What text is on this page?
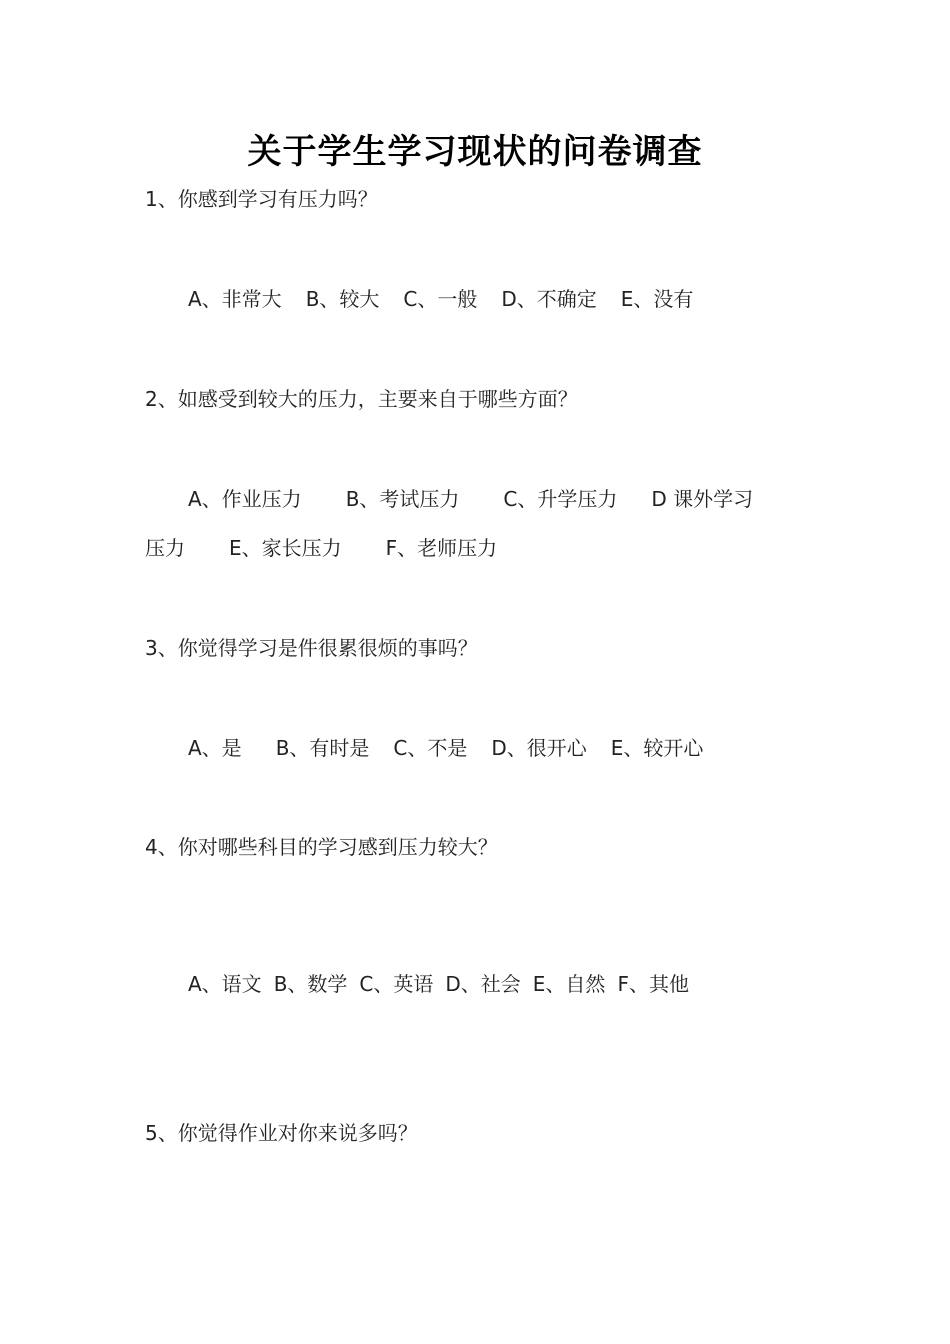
关于学生学习现状的问卷调查
1、你感到学习有压力吗？
A、非常大 B、较大 C、一般 D、不确定 E、没有
2、如感受到较大的压力，主要来自于哪些方面？
A、作业压力 B、考试压力 C、升学压力 D 课外学习
压力 E、家长压力 F、老师压力
3、你觉得学习是件很累很烦的事吗？
A、是 B、有时是 C、不是 D、很开心 E、较开心
4、你对哪些科目的学习感到压力较大？
A、语文 B、数学 C、英语 D、社会 E、自然 F、其他
5、你觉得作业对你来说多吗？
